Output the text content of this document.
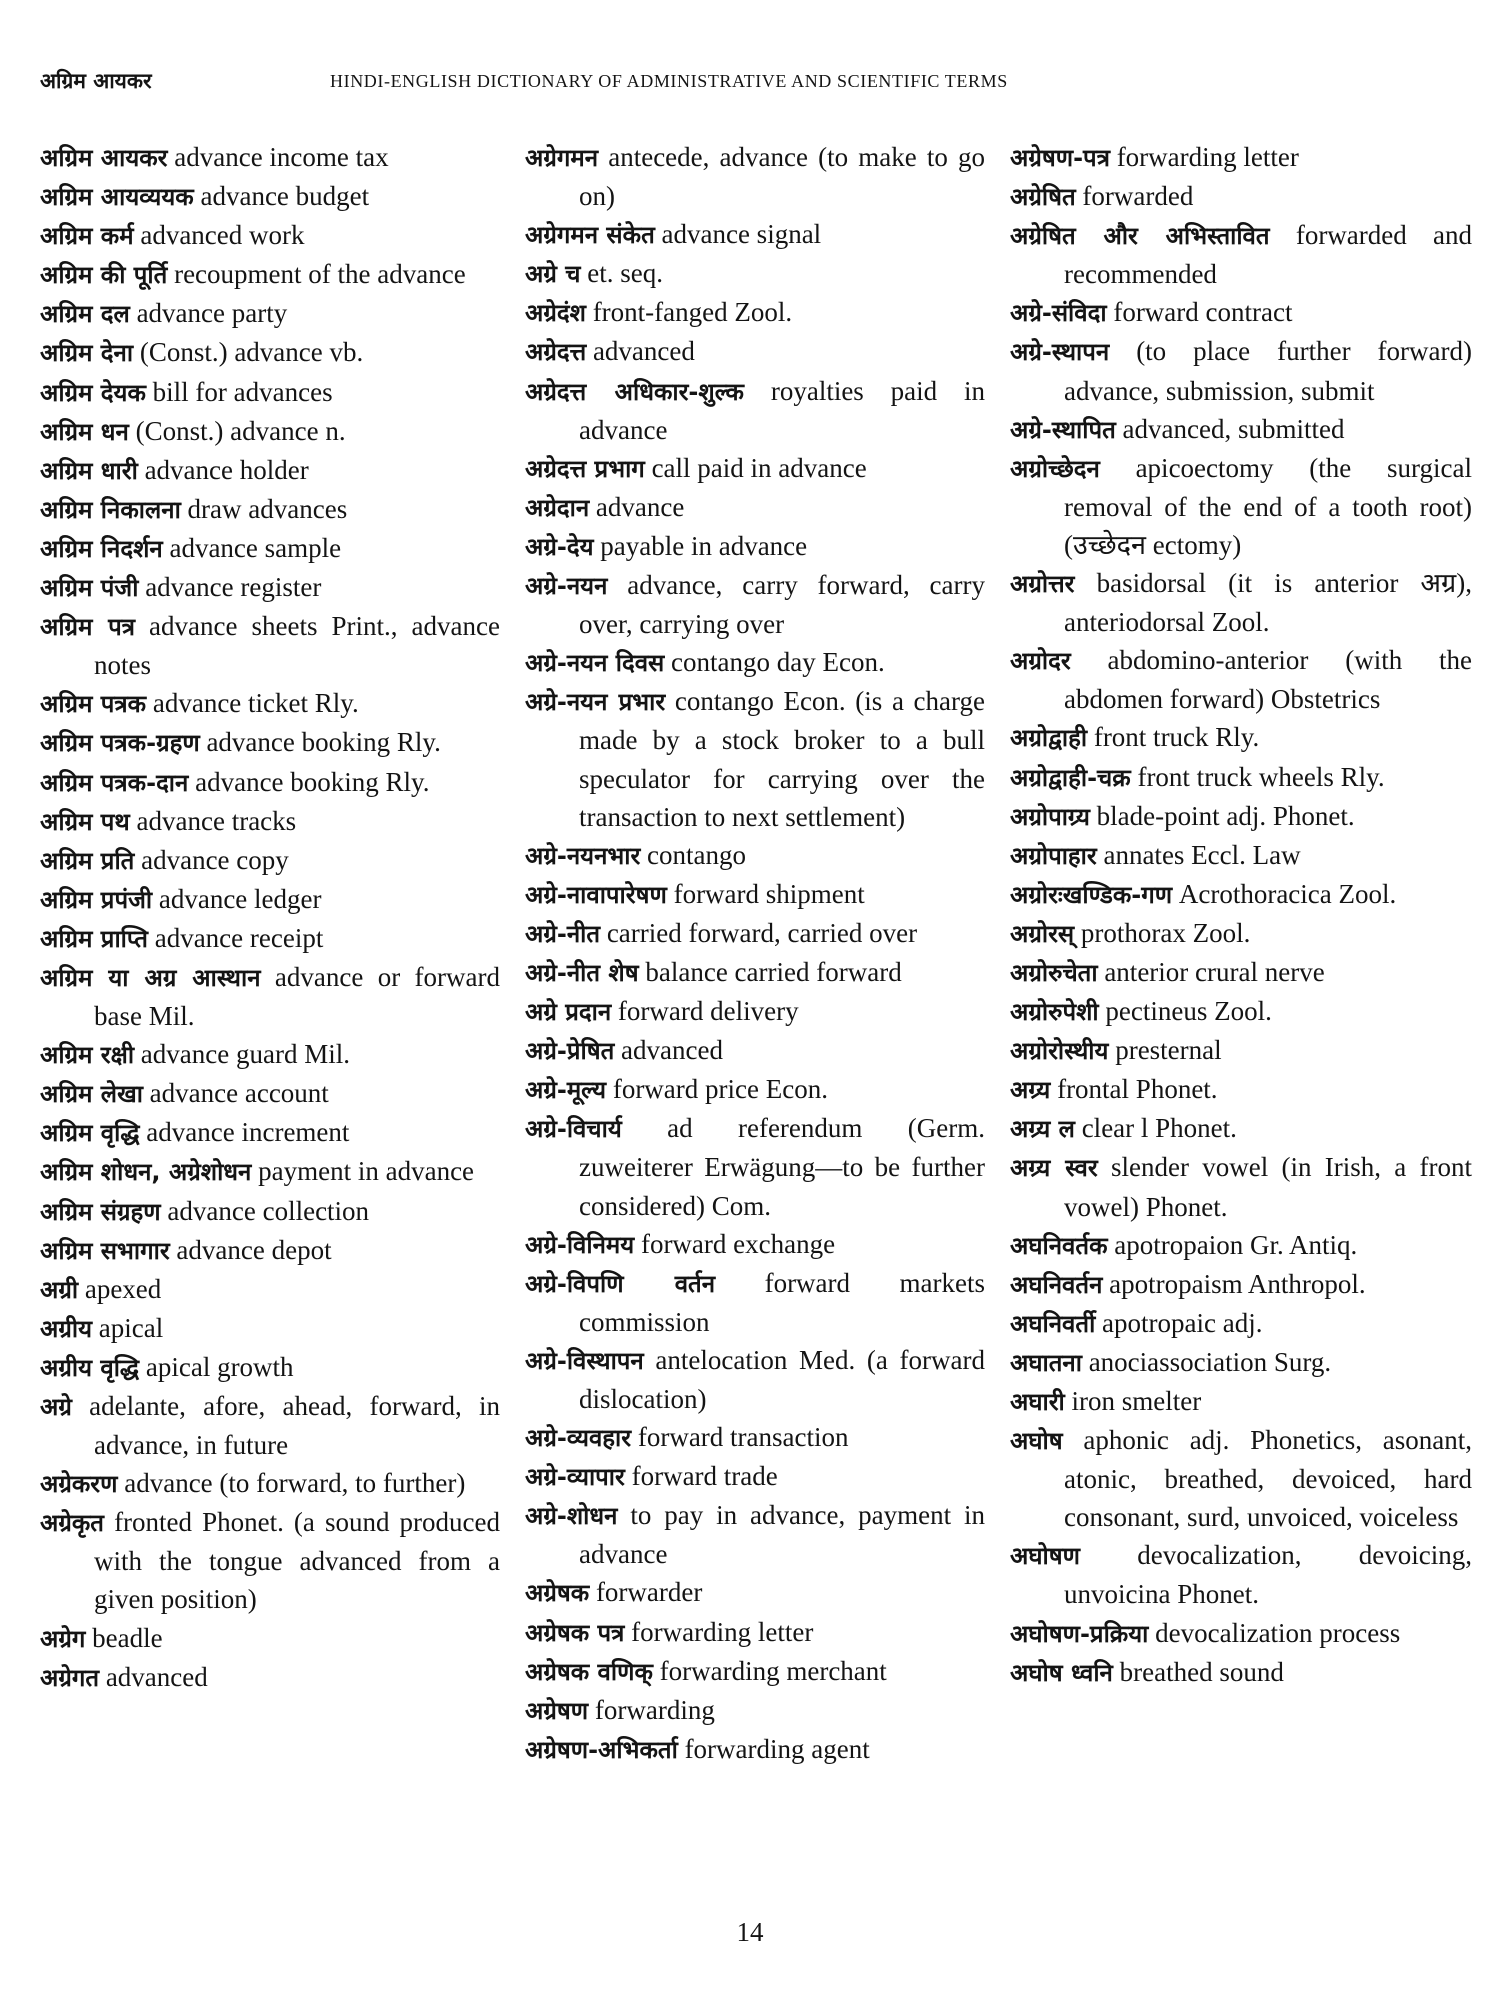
अग्रिम आयकर	HINDI-ENGLISH DICTIONARY OF ADMINISTRATIVE AND SCIENTIFIC TERMS

अग्रिम आयकर advance income tax

अग्रिम आयव्ययक advance budget

अग्रिम कर्म advanced work

अग्रिम की पूर्ति recoupment of the advance

अग्रिम दल advance party

अग्रिम देना (Const.) advance vb.

अग्रिम देयक bill for advances

अग्रिम धन (Const.) advance n.

अग्रिम धारी advance holder

अग्रिम निकालना draw advances

अग्रिम निदर्शन advance sample

अग्रिम पंजी advance register

अग्रिम पत्र advance sheets Print., advance notes

अग्रिम पत्रक advance ticket Rly.

अग्रिम पत्रक-ग्रहण advance booking Rly.

अग्रिम पत्रक-दान advance booking Rly.

अग्रिम पथ advance tracks

अग्रिम प्रति advance copy

अग्रिम प्रपंजी advance ledger

अग्रिम प्राप्ति advance receipt

अग्रिम या अग्र आस्थान advance or forward base Mil.

अग्रिम रक्षी advance guard Mil.

अग्रिम लेखा advance account

अग्रिम वृद्धि advance increment

अग्रिम शोधन, अग्रेशोधन payment in advance

अग्रिम संग्रहण advance collection

अग्रिम सभागार advance depot

अग्री apexed

अग्रीय apical

अग्रीय वृद्धि apical growth

अग्रे adelante, afore, ahead, forward, in advance, in future

अग्रेकरण advance (to forward, to further)

अग्रेकृत fronted Phonet. (a sound produced with the tongue advanced from a given position)

अग्रेग beadle

अग्रेगत advanced

अग्रेगमन antecede, advance (to make to go on)

अग्रेगमन संकेत advance signal

अग्रे च et. seq.

अग्रेदंश front-fanged Zool.

अग्रेदत्त advanced

अग्रेदत्त अधिकार-शुल्क royalties paid in advance

अग्रेदत्त प्रभाग call paid in advance

अग्रेदान advance

अग्रे-देय payable in advance

अग्रे-नयन advance, carry forward, carry over, carrying over

अग्रे-नयन दिवस contango day Econ.

अग्रे-नयन प्रभार contango Econ. (is a charge made by a stock broker to a bull speculator for carrying over the transaction to next settlement)

अग्रे-नयनभार contango

अग्रे-नावापारेषण forward shipment

अग्रे-नीत carried forward, carried over

अग्रे-नीत शेष balance carried forward

अग्रे प्रदान forward delivery

अग्रे-प्रेषित advanced

अग्रे-मूल्य forward price Econ.

अग्रे-विचार्य ad referendum (Germ. zuweiterer Erwägung—to be further considered) Com.

अग्रे-विनिमय forward exchange

अग्रे-विपणि वर्तन forward markets commission

अग्रे-विस्थापन antelocation Med. (a forward dislocation)

अग्रे-व्यवहार forward transaction

अग्रे-व्यापार forward trade

अग्रे-शोधन to pay in advance, payment in advance

अग्रेषक forwarder

अग्रेषक पत्र forwarding letter

अग्रेषक वणिक् forwarding merchant

अग्रेषण forwarding

अग्रेषण-अभिकर्ता forwarding agent

अग्रेषण-पत्र forwarding letter

अग्रेषित forwarded

अग्रेषित और अभिस्तावित forwarded and recommended

अग्रे-संविदा forward contract

अग्रे-स्थापन (to place further forward) advance, submission, submit

अग्रे-स्थापित advanced, submitted

अग्रोच्छेदन apicoectomy (the surgical removal of the end of a tooth root) (उच्छेदन ectomy)

अग्रोत्तर basidorsal (it is anterior अग्र), anteriodorsal Zool.

अग्रोदर abdomino-anterior (with the abdomen forward) Obstetrics

अग्रोद्वाही front truck Rly.

अग्रोद्वाही-चक्र front truck wheels Rly.

अग्रोपाग्र्य blade-point adj. Phonet.

अग्रोपाहार annates Eccl. Law

अग्रोरःखण्डिक-गण Acrothoracica Zool.

अग्रोरस् prothorax Zool.

अग्रोरुचेता anterior crural nerve

अग्रोरुपेशी pectineus Zool.

अग्रोरोस्थीय presternal

अग्र्य frontal Phonet.

अग्र्य ल clear l Phonet.

अग्र्य स्वर slender vowel (in Irish, a front vowel) Phonet.

अघनिवर्तक apotropaion Gr. Antiq.

अघनिवर्तन apotropaism Anthropol.

अघनिवर्ती apotropaic adj.

अघातना anociassociation Surg.

अघारी iron smelter

अघोष aphonic adj. Phonetics, asonant, atonic, breathed, devoiced, hard consonant, surd, unvoiced, voiceless

अघोषण devocalization, devoicing, unvoicina Phonet.

अघोषण-प्रक्रिया devocalization process

अघोष ध्वनि breathed sound

14
